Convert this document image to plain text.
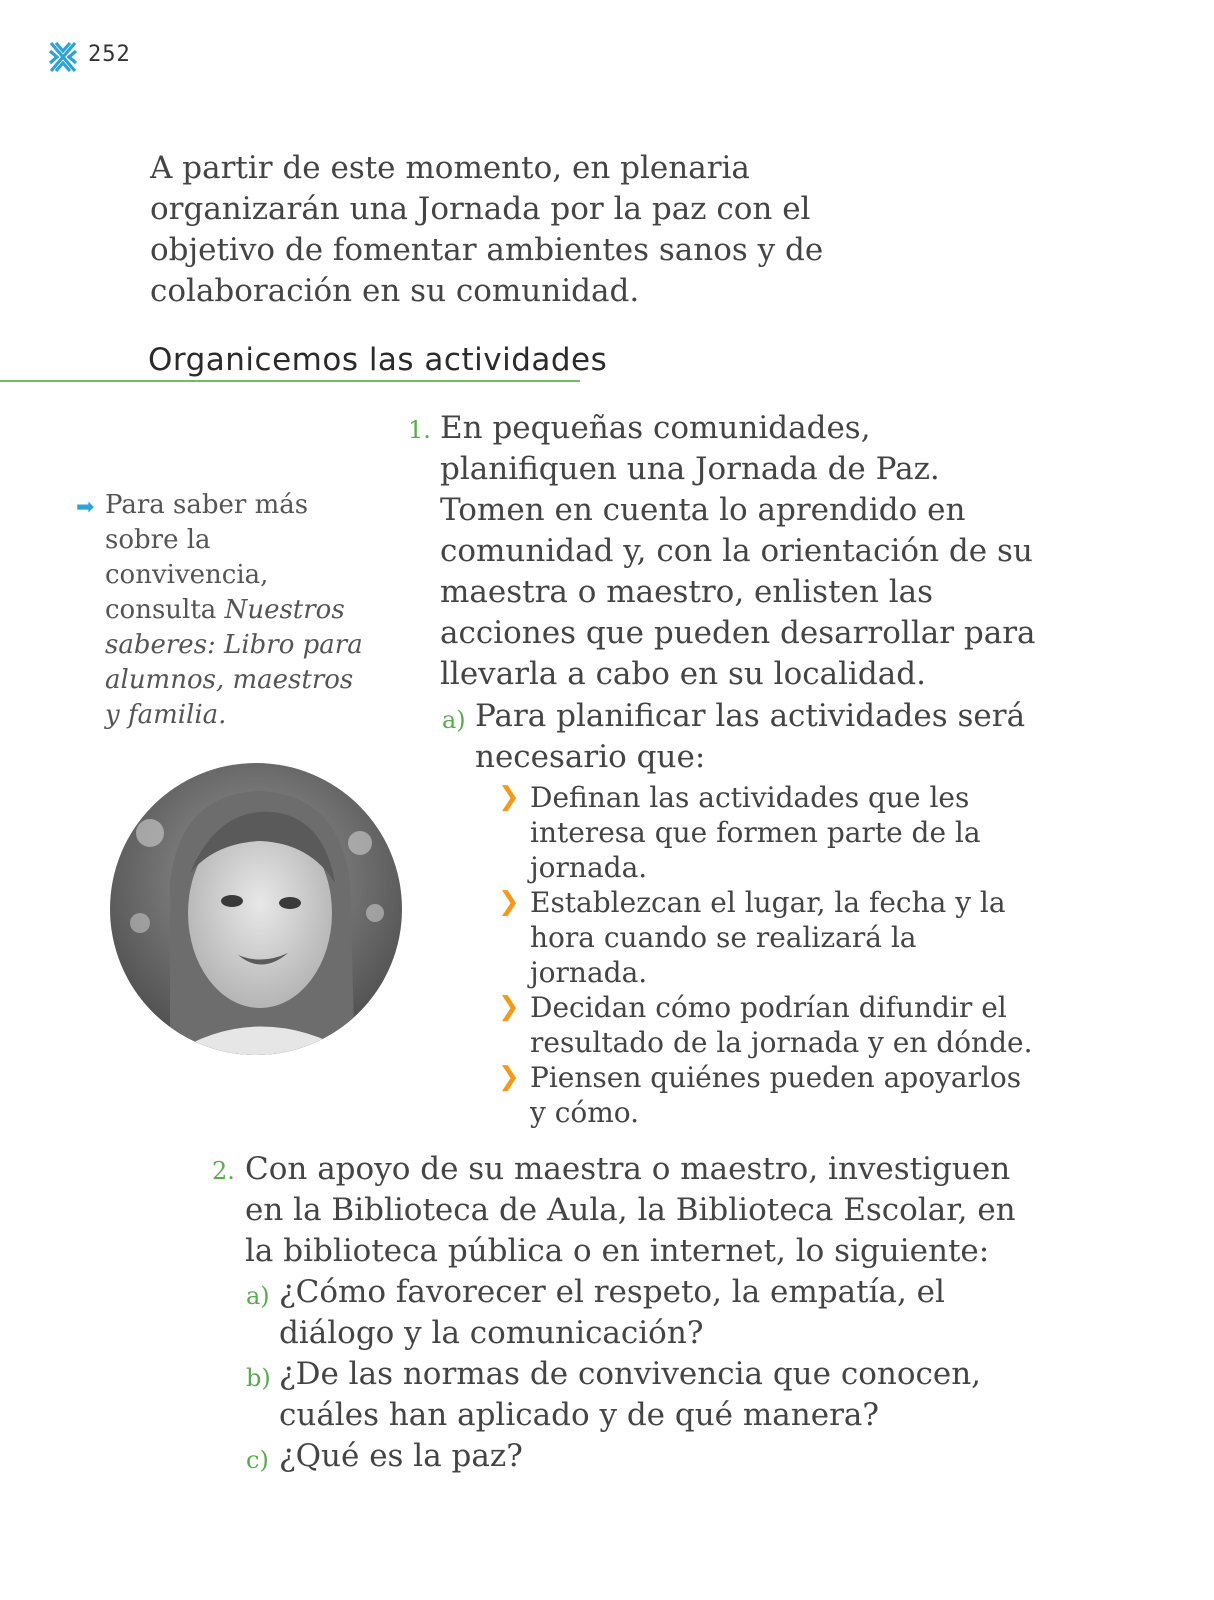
252
A partir de este momento, en plenaria organizarán una Jornada por la paz con el objetivo de fomentar ambientes sanos y de colaboración en su comunidad.
Organicemos las actividades
➡ Para saber más sobre la convivencia, consulta Nuestros saberes: Libro para alumnos, maestros y familia.
1. En pequeñas comunidades, planifiquen una Jornada de Paz. Tomen en cuenta lo aprendido en comunidad y, con la orientación de su maestra o maestro, enlisten las acciones que pueden desarrollar para llevarla a cabo en su localidad.
a) Para planificar las actividades será necesario que:
❯ Definan las actividades que les interesa que formen parte de la jornada.
❯ Establezcan el lugar, la fecha y la hora cuando se realizará la jornada.
❯ Decidan cómo podrían difundir el resultado de la jornada y en dónde.
❯ Piensen quiénes pueden apoyarlos y cómo.
2. Con apoyo de su maestra o maestro, investiguen en la Biblioteca de Aula, la Biblioteca Escolar, en la biblioteca pública o en internet, lo siguiente:
a) ¿Cómo favorecer el respeto, la empatía, el diálogo y la comunicación?
b) ¿De las normas de convivencia que conocen, cuáles han aplicado y de qué manera?
c) ¿Qué es la paz?
